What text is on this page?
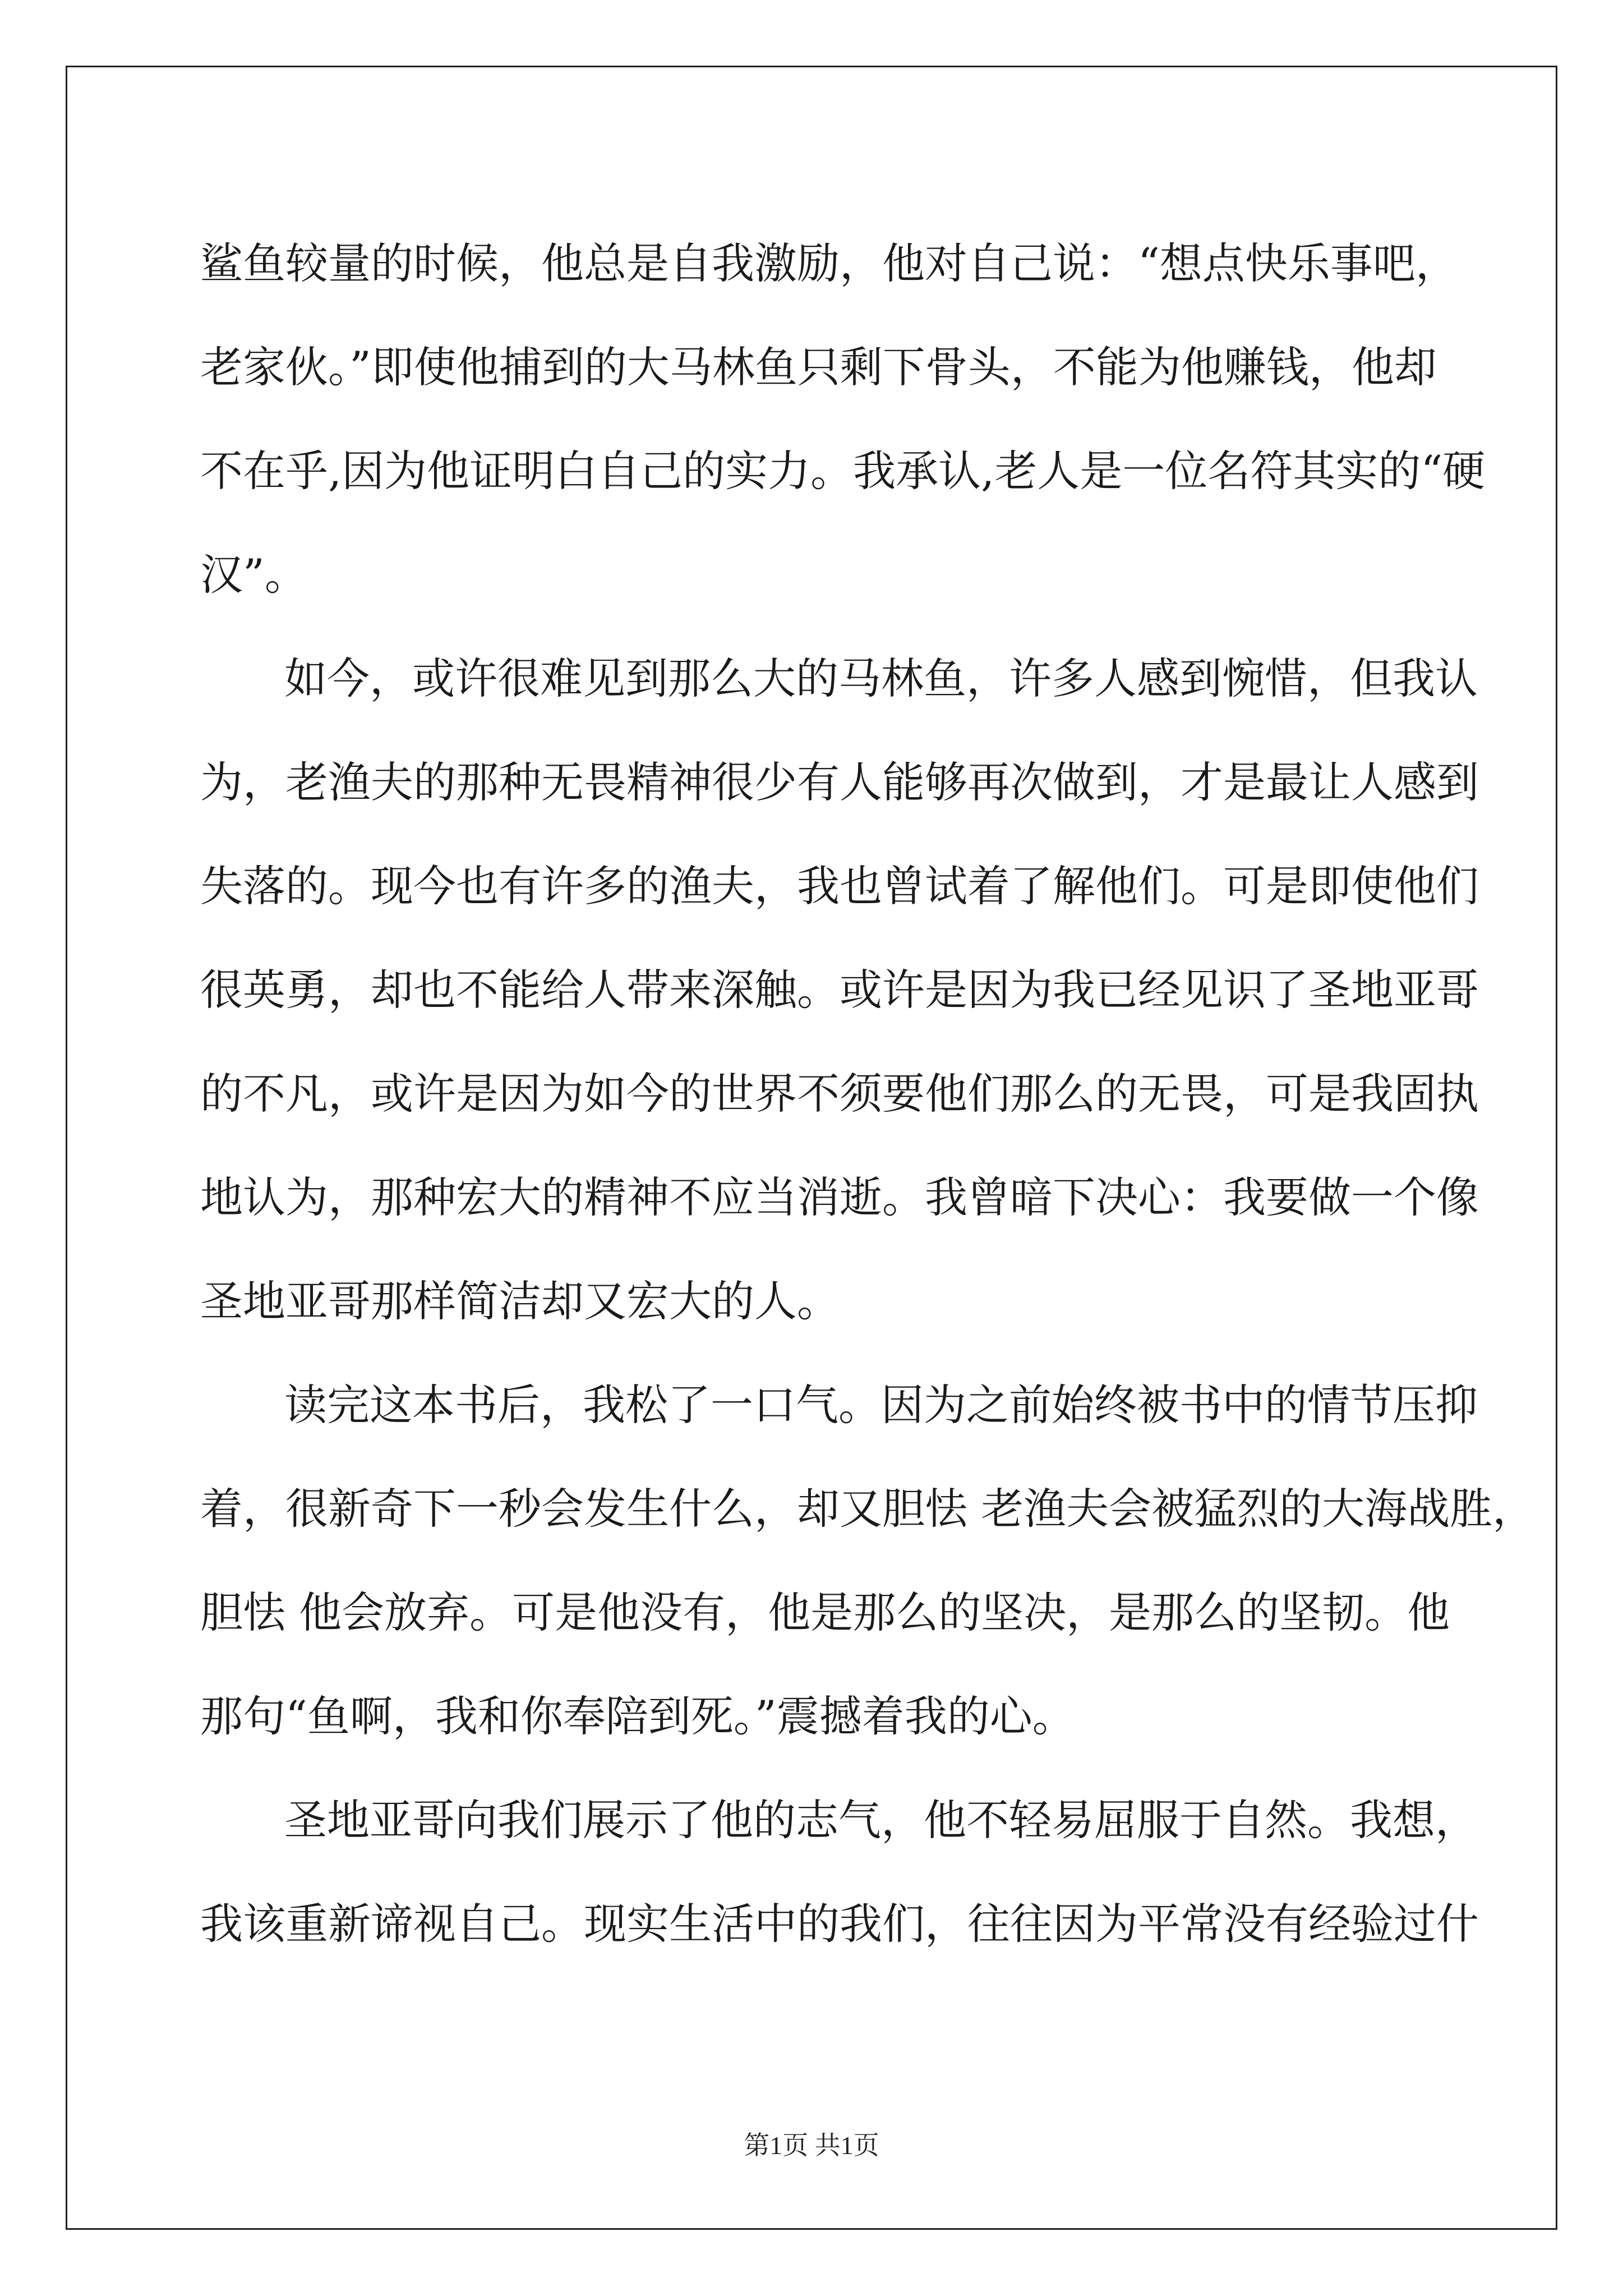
鲨鱼较量的时候，他总是自我激励，他对自己说：“想点快乐事吧，
老家伙。”即使他捕到的大马林鱼只剩下骨头，不能为他赚钱，他却
不在乎,因为他证明白自己的实力。我承认,老人是一位名符其实的“硬
汉”。
如今，或许很难见到那么大的马林鱼，许多人感到惋惜，但我认
为，老渔夫的那种无畏精神很少有人能够再次做到，才是最让人感到
失落的。现今也有许多的渔夫，我也曾试着了解他们。可是即使他们
很英勇，却也不能给人带来深触。或许是因为我已经见识了圣地亚哥
的不凡，或许是因为如今的世界不须要他们那么的无畏，可是我固执
地认为，那种宏大的精神不应当消逝。我曾暗下决心：我要做一个像
圣地亚哥那样简洁却又宏大的人。
读完这本书后，我松了一口气。因为之前始终被书中的情节压抑
着，很新奇下一秒会发生什么，却又胆怯 老渔夫会被猛烈的大海战胜，
胆怯 他会放弃。可是他没有，他是那么的坚决，是那么的坚韧。他
那句“鱼啊，我和你奉陪到死。”震撼着我的心。
圣地亚哥向我们展示了他的志气，他不轻易屈服于自然。我想，
我该重新谛视自己。现实生活中的我们，往往因为平常没有经验过什
第1页 共1页
